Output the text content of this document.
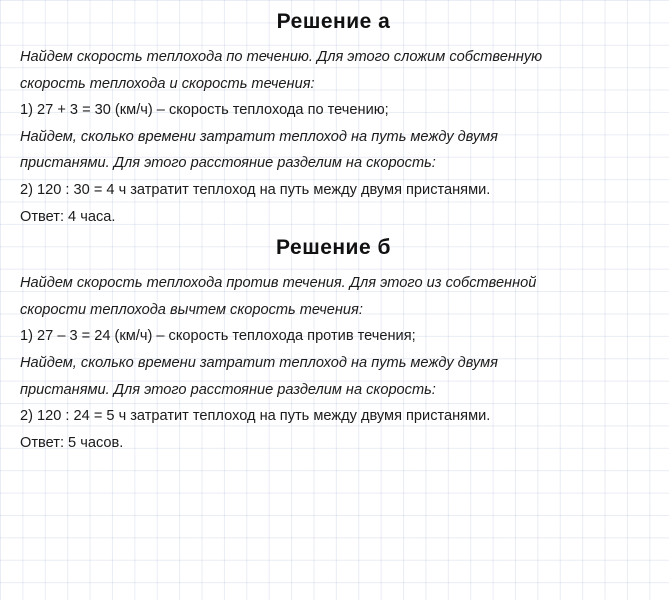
Решение а
Найдем скорость теплохода по течению. Для этого сложим собственную
скорость теплохода и скорость течения:
1) 27 + 3 = 30 (км/ч) – скорость теплохода по течению;
Найдем, сколько времени затратит теплоход на путь между двумя
пристанями. Для этого расстояние разделим на скорость:
2) 120 : 30 = 4 ч затратит теплоход на путь между двумя пристанями.
Ответ: 4 часа.
Решение б
Найдем скорость теплохода против течения. Для этого из собственной
скорости теплохода вычтем скорость течения:
1) 27 – 3 = 24 (км/ч) – скорость теплохода против течения;
Найдем, сколько времени затратит теплоход на путь между двумя
пристанями. Для этого расстояние разделим на скорость:
2) 120 : 24 = 5 ч затратит теплоход на путь между двумя пристанями.
Ответ: 5 часов.
